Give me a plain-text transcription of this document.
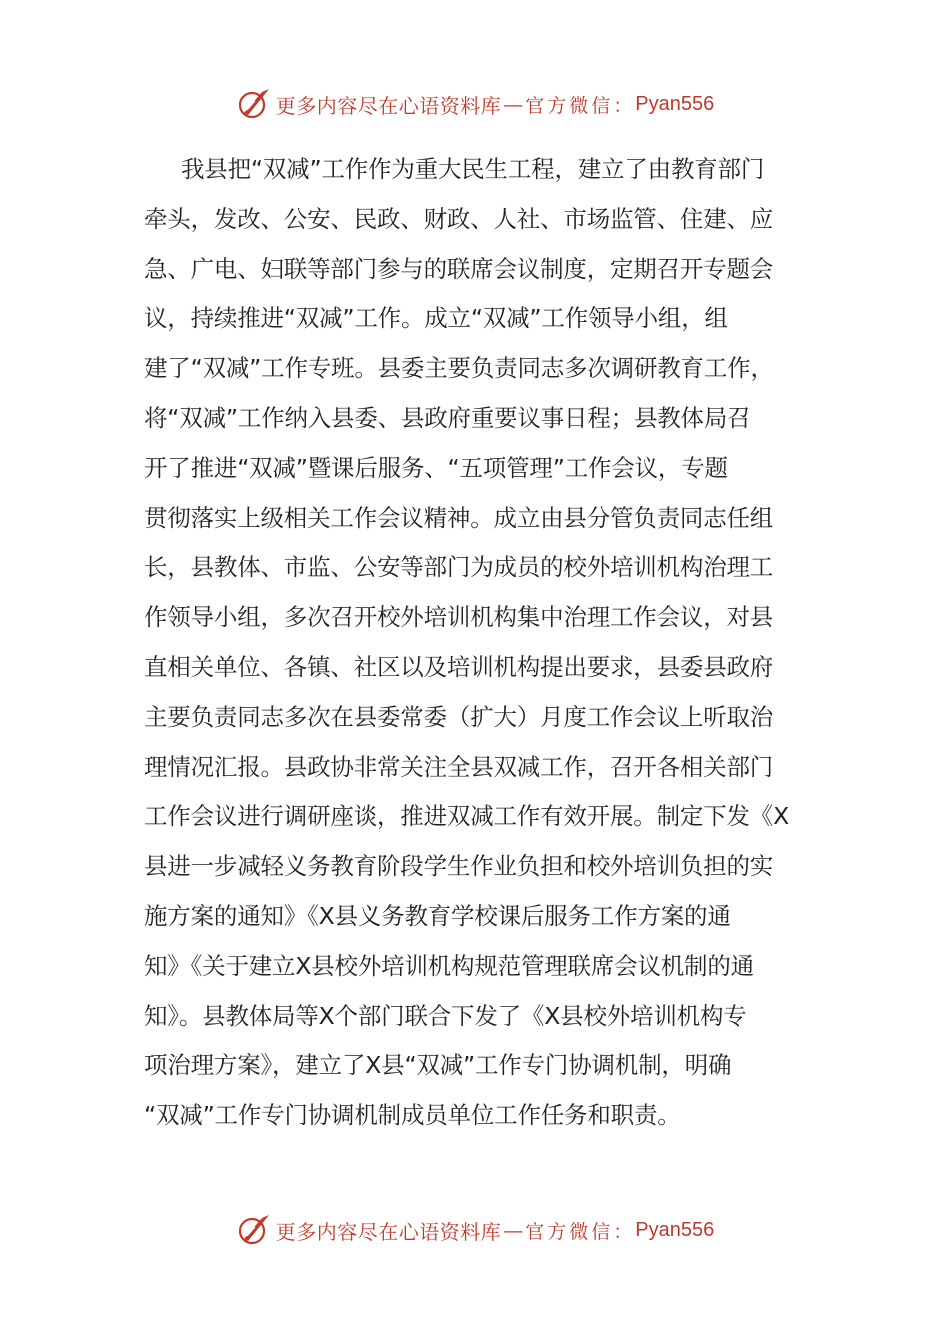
更多内容尽在心语资料库 — 官方微信： Pyan556
我县把“双减”工作作为重大民生工程，建立了由教育部门
牵头，发改、公安、民政、财政、人社、市场监管、住建、应
急、广电、妇联等部门参与的联席会议制度，定期召开专题会
议，持续推进“双减”工作。成立“双减”工作领导小组，组
建了“双减”工作专班。县委主要负责同志多次调研教育工作，
将“双减”工作纳入县委、县政府重要议事日程；县教体局召
开了推进“双减”暨课后服务、“五项管理”工作会议，专题
贯彻落实上级相关工作会议精神。成立由县分管负责同志任组
长，县教体、市监、公安等部门为成员的校外培训机构治理工
作领导小组，多次召开校外培训机构集中治理工作会议，对县
直相关单位、各镇、社区以及培训机构提出要求，县委县政府
主要负责同志多次在县委常委（扩大）月度工作会议上听取治
理情况汇报。县政协非常关注全县双减工作，召开各相关部门
工作会议进行调研座谈，推进双减工作有效开展。制定下发《X
县进一步减轻义务教育阶段学生作业负担和校外培训负担的实
施方案的通知》《X县义务教育学校课后服务工作方案的通
知》《关于建立X县校外培训机构规范管理联席会议机制的通
知》。县教体局等X个部门联合下发了《X县校外培训机构专
项治理方案》，建立了X县“双减”工作专门协调机制，明确
“双减”工作专门协调机制成员单位工作任务和职责。
更多内容尽在心语资料库 — 官方微信： Pyan556
